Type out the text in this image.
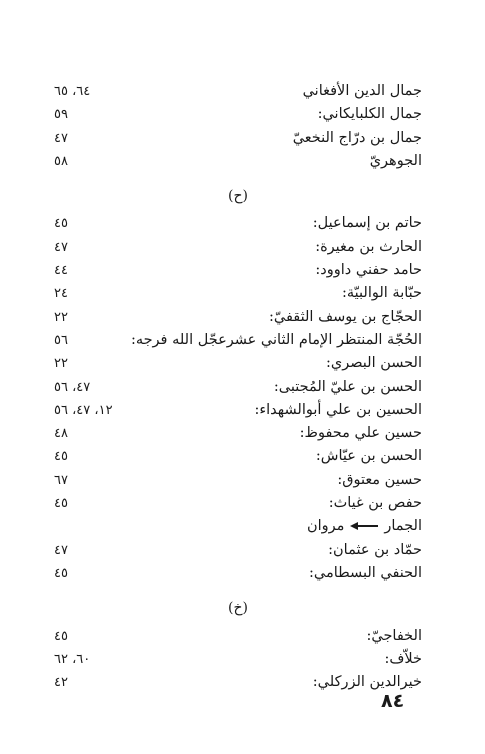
جمال الدين الأفغاني
٦٤، ٦٥
جمال الكلبايكاني:
٥٩
جمال بن درّاج النخعيّ
٤٧
الجوهريّ
٥٨
(ح)
حاتم بن إسماعيل:
٤٥
الحارث بن مغيرة:
٤٧
حامد حفني داوود:
٤٤
حبّابة الوالبيّة:
٢٤
الحجّاج بن يوسف الثقفيّ:
٢٢
الحُجّة المنتظر الإمام الثاني عشرعجّل الله فرجه:
٥٦
الحسن البصري:
٢٢
الحسن بن عليّ المُجتبى:
٤٧، ٥٦
الحسين بن علي أبوالشهداء:
١٢، ٤٧، ٥٦
حسين علي محفوظ:
٤٨
الحسن بن عيّاش:
٤٥
حسين معتوق:
٦٧
حفص بن غياث:
٤٥
الجمارمروان
حمّاد بن عثمان:
٤٧
الحنفي البسطامي:
٤٥
(خ)
الخفاجيّ:
٤٥
خلاّف:
٦٠، ٦٢
خيرالدين الزركلي:
٤٢
٨٤
